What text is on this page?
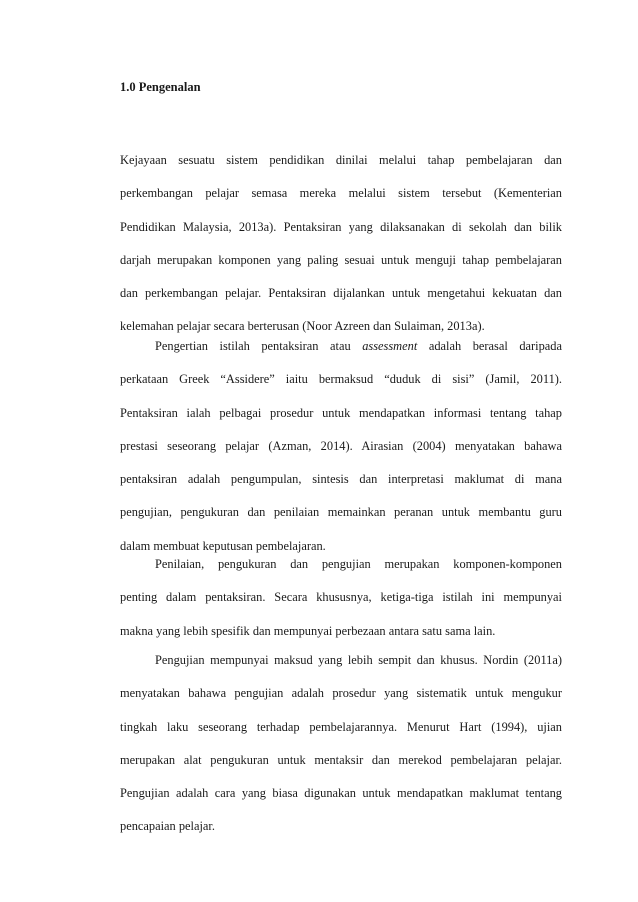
1.0 Pengenalan
Kejayaan sesuatu sistem pendidikan dinilai melalui tahap pembelajaran dan
perkembangan pelajar semasa mereka melalui sistem tersebut (Kementerian
Pendidikan Malaysia, 2013a). Pentaksiran yang dilaksanakan di sekolah dan bilik
darjah merupakan komponen yang paling sesuai untuk menguji tahap pembelajaran
dan perkembangan pelajar. Pentaksiran dijalankan untuk mengetahui kekuatan dan
kelemahan pelajar secara berterusan (Noor Azreen dan Sulaiman, 2013a).
Pengertian istilah pentaksiran atau assessment adalah berasal daripada
perkataan Greek “Assidere” iaitu bermaksud “duduk di sisi” (Jamil, 2011).
Pentaksiran ialah pelbagai prosedur untuk mendapatkan informasi tentang tahap
prestasi seseorang pelajar (Azman, 2014). Airasian (2004) menyatakan bahawa
pentaksiran adalah pengumpulan, sintesis dan interpretasi maklumat di mana
pengujian, pengukuran dan penilaian memainkan peranan untuk membantu guru
dalam membuat keputusan pembelajaran.
Penilaian, pengukuran dan pengujian merupakan komponen-komponen
penting dalam pentaksiran. Secara khususnya, ketiga-tiga istilah ini mempunyai
makna yang lebih spesifik dan mempunyai perbezaan antara satu sama lain.
Pengujian mempunyai maksud yang lebih sempit dan khusus. Nordin (2011a)
menyatakan bahawa pengujian adalah prosedur yang sistematik untuk mengukur
tingkah laku seseorang terhadap pembelajarannya. Menurut Hart (1994), ujian
merupakan alat pengukuran untuk mentaksir dan merekod pembelajaran pelajar.
Pengujian adalah cara yang biasa digunakan untuk mendapatkan maklumat tentang
pencapaian pelajar.
